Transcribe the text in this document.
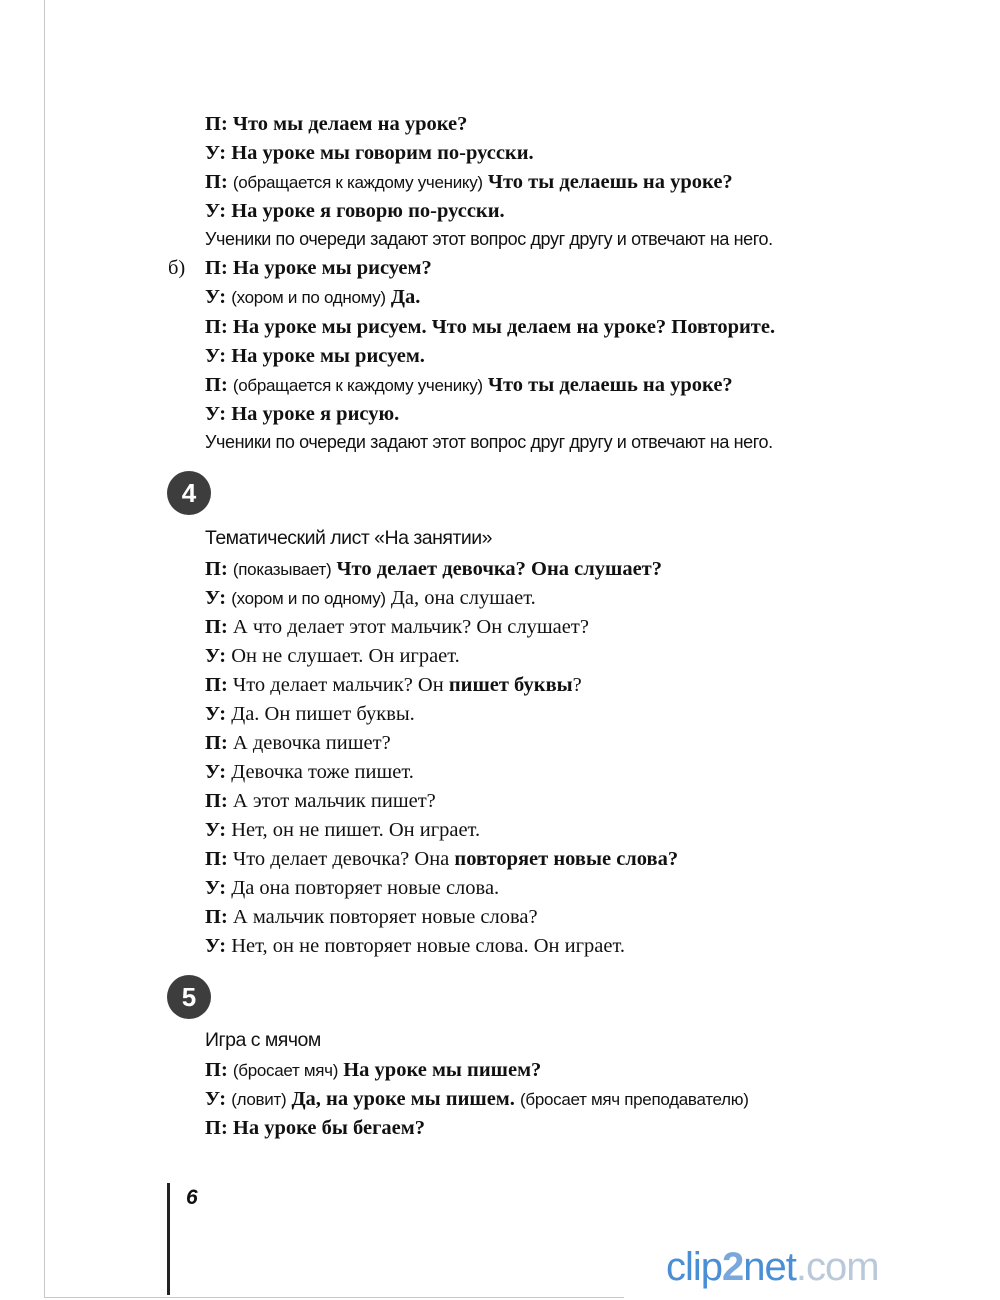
П: Что мы делаем на уроке?
У: На уроке мы говорим по-русски.
П: (обращается к каждому ученику) Что ты делаешь на уроке?
У: На уроке я говорю по-русски.
Ученики по очереди задают этот вопрос друг другу и отвечают на него.
б) П: На уроке мы рисуем?
У: (хором и по одному) Да.
П: На уроке мы рисуем. Что мы делаем на уроке? Повторите.
У: На уроке мы рисуем.
П: (обращается к каждому ученику) Что ты делаешь на уроке?
У: На уроке я рисую.
Ученики по очереди задают этот вопрос друг другу и отвечают на него.
4
Тематический лист «На занятии»
П: (показывает) Что делает девочка? Она слушает?
У: (хором и по одному) Да, она слушает.
П: А что делает этот мальчик? Он слушает?
У: Он не слушает. Он играет.
П: Что делает мальчик? Он пишет буквы?
У: Да. Он пишет буквы.
П: А девочка пишет?
У: Девочка тоже пишет.
П: А этот мальчик пишет?
У: Нет, он не пишет. Он играет.
П: Что делает девочка? Она повторяет новые слова?
У: Да она повторяет новые слова.
П: А мальчик повторяет новые слова?
У: Нет, он не повторяет новые слова. Он играет.
5
Игра с мячом
П: (бросает мяч) На уроке мы пишем?
У: (ловит) Да, на уроке мы пишем. (бросает мяч преподавателю)
П: На уроке бы бегаем?
6
clip2net.com
